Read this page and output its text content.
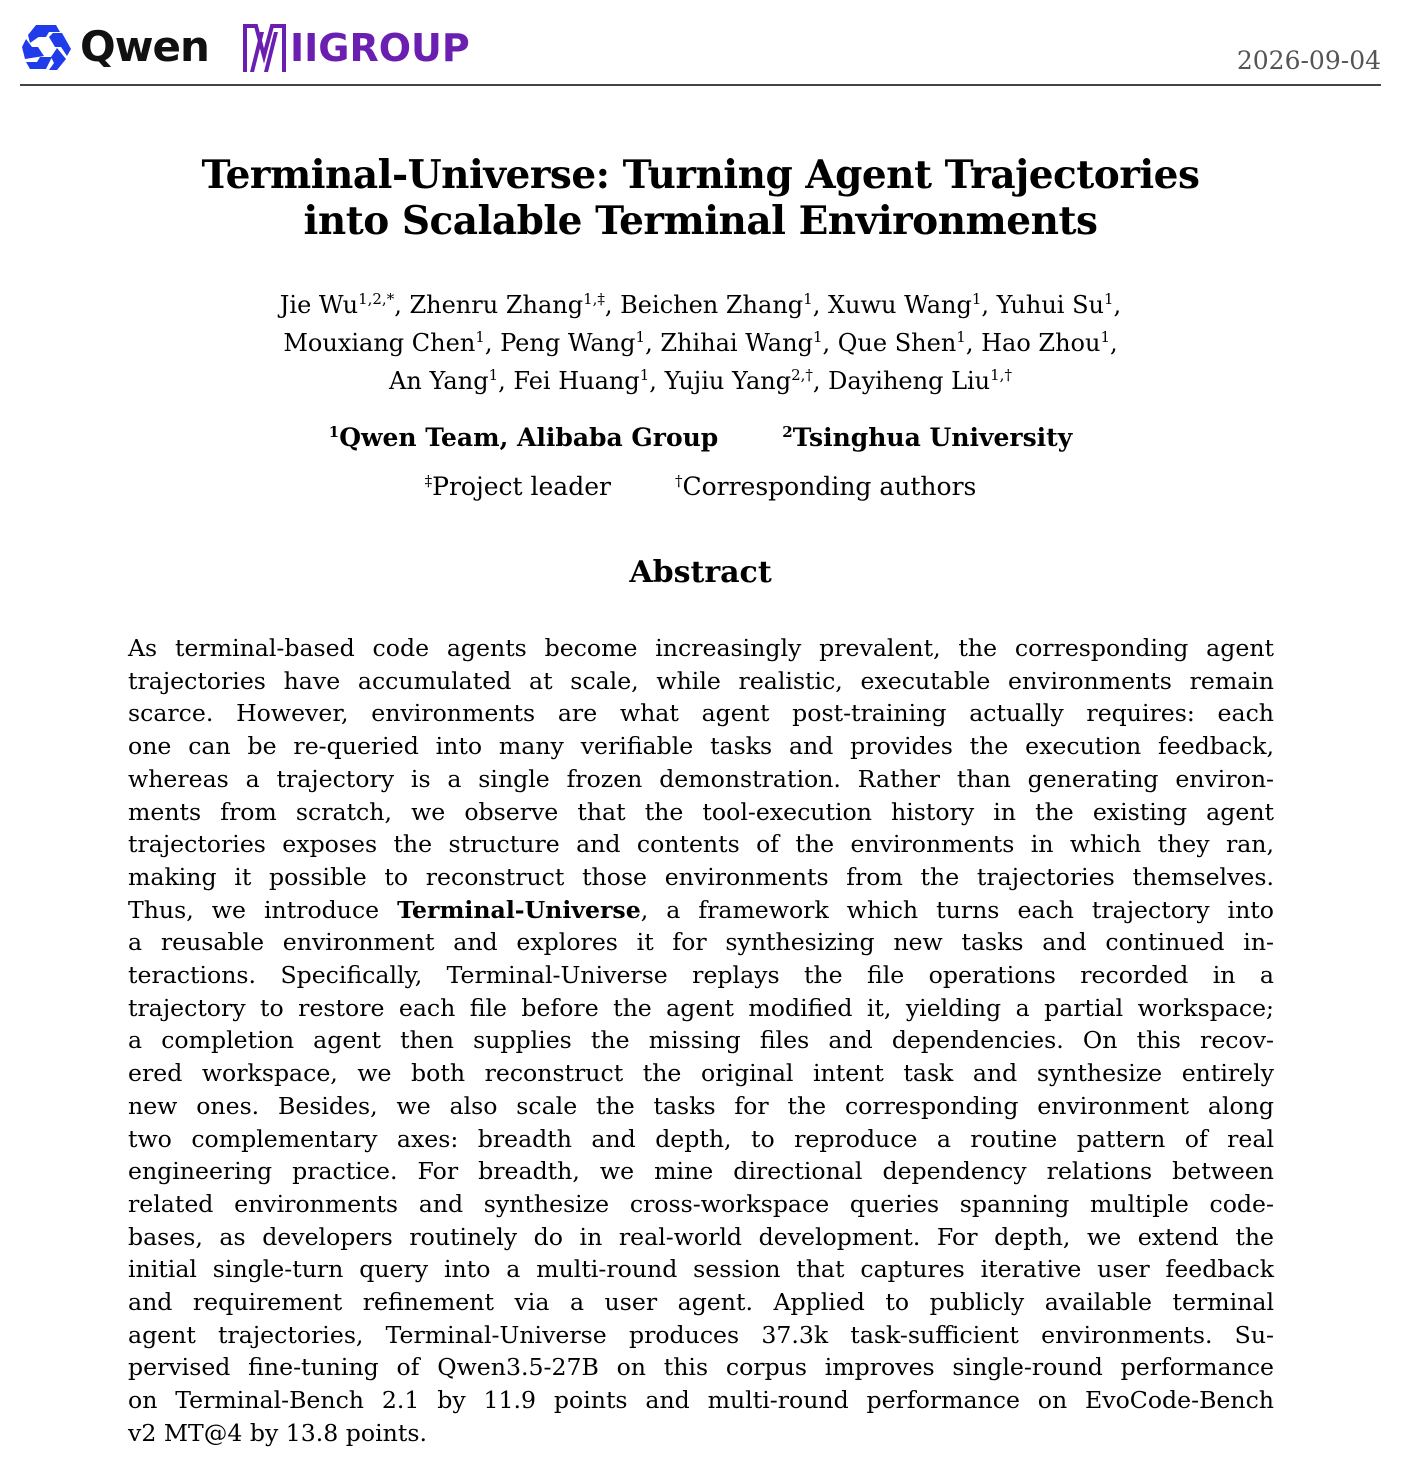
Qwen IIGROUP	2026-09-04
Terminal-Universe: Turning Agent Trajectories
into Scalable Terminal Environments
Jie $Wu^{1,2,*}$, Zhenru Zhang$^{1,\ddagger}$, Beichen Zhang$^1$, Xuwu Wang$^1$, Yuhui Su$^1$,
Mouxiang Chen$^1$, Peng Wang$^1$, Zhihai Wang$^1$, Que Shen$^1$, Hao Zhou$^1$,
An Yang$^1$, Fei Huang$^1$, Yujiu Yang$^{2,\dagger}$, Dayiheng Liu$^{1,\dagger}$
$^1$Qwen Team, Alibaba Group	$^2$Tsinghua University
‡Project leader	†Corresponding authors
Abstract
As terminal-based code agents become increasingly prevalent, the corresponding agent
trajectories have accumulated at scale, while realistic, executable environments remain
scarce. However, environments are what agent post-training actually requires: each
one can be re-queried into many verifiable tasks and provides the execution feedback,
whereas a trajectory is a single frozen demonstration. Rather than generating environ-
ments from scratch, we observe that the tool-execution history in the existing agent
trajectories exposes the structure and contents of the environments in which they ran,
making it possible to reconstruct those environments from the trajectories themselves.
Thus, we introduce Terminal-Universe, a framework which turns each trajectory into
a reusable environment and explores it for synthesizing new tasks and continued in-
teractions. Specifically, Terminal-Universe replays the file operations recorded in a
trajectory to restore each file before the agent modified it, yielding a partial workspace;
a completion agent then supplies the missing files and dependencies. On this recov-
ered workspace, we both reconstruct the original intent task and synthesize entirely
new ones. Besides, we also scale the tasks for the corresponding environment along
two complementary axes: breadth and depth, to reproduce a routine pattern of real
engineering practice. For breadth, we mine directional dependency relations between
related environments and synthesize cross-workspace queries spanning multiple code-
bases, as developers routinely do in real-world development. For depth, we extend the
initial single-turn query into a multi-round session that captures iterative user feedback
and requirement refinement via a user agent. Applied to publicly available terminal
agent trajectories, Terminal-Universe produces 37.3k task-sufficient environments. Su-
pervised fine-tuning of Qwen3.5-27B on this corpus improves single-round performance
on Terminal-Bench 2.1 by 11.9 points and multi-round performance on EvoCode-Bench
v2 MT@4 by 13.8 points.
